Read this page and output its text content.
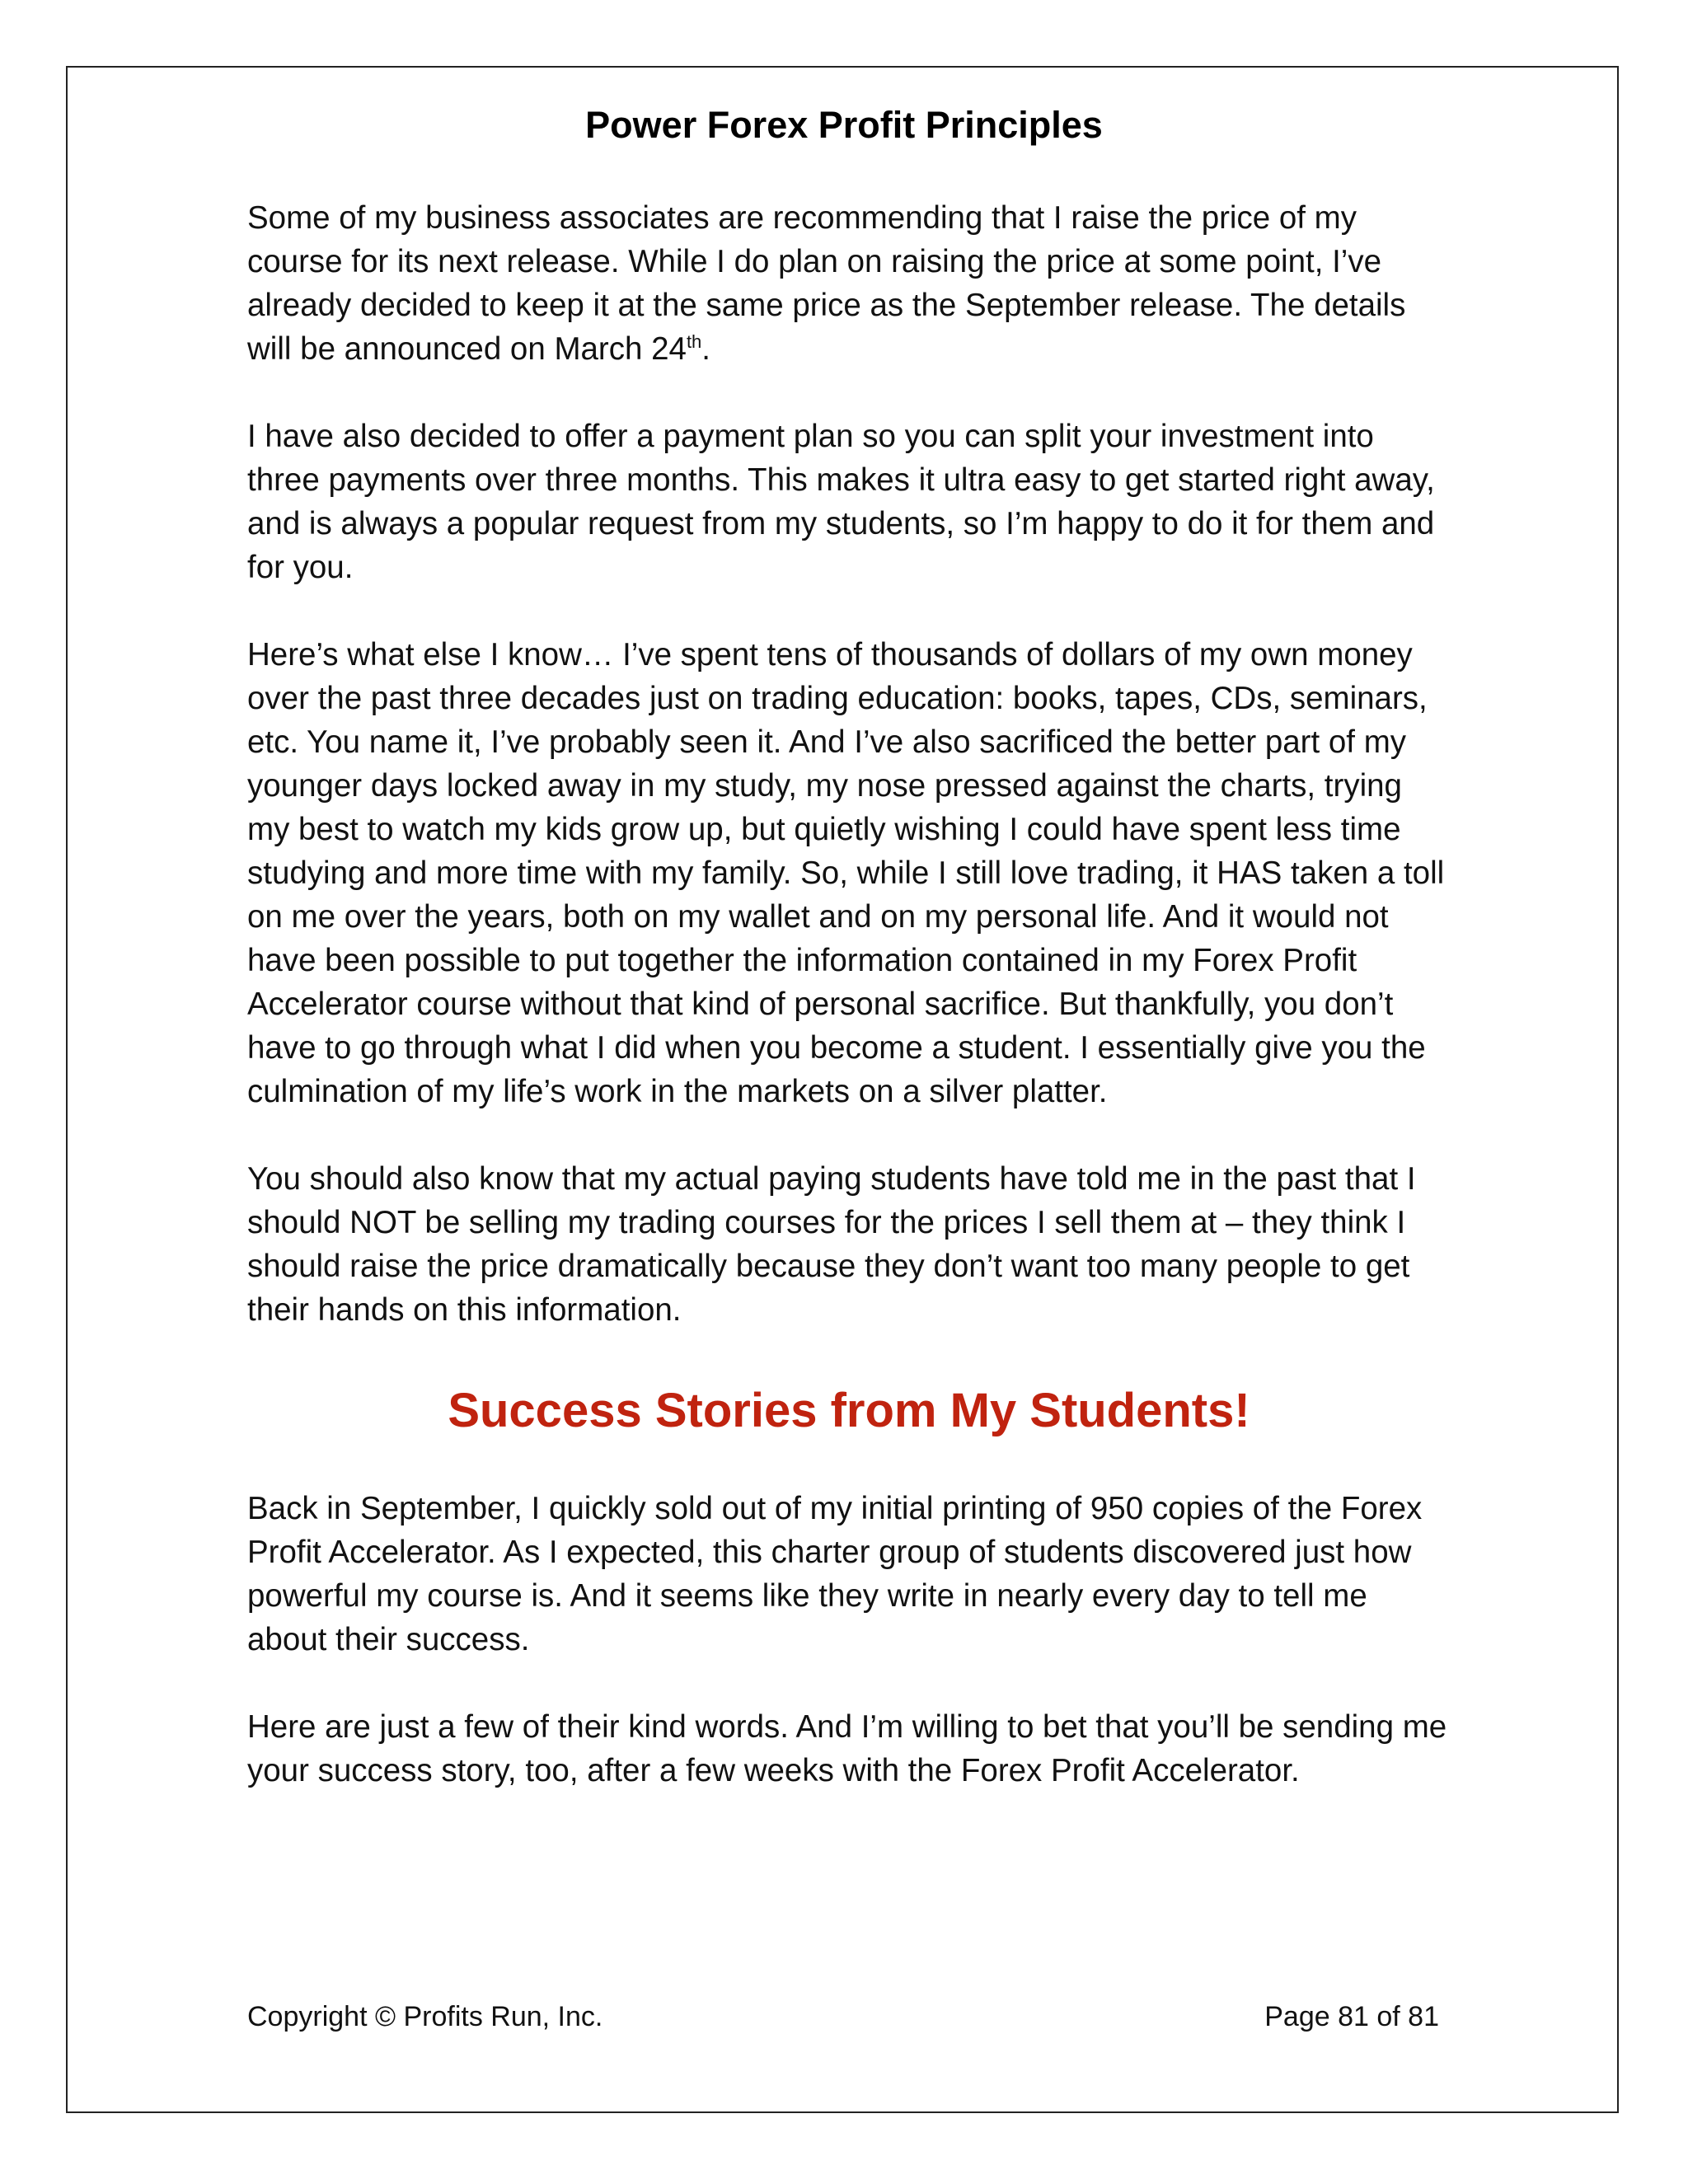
Power Forex Profit Principles

Some of my business associates are recommending that I raise the price of my course for its next release. While I do plan on raising the price at some point, I’ve already decided to keep it at the same price as the September release. The details will be announced on March 24th.

I have also decided to offer a payment plan so you can split your investment into three payments over three months. This makes it ultra easy to get started right away, and is always a popular request from my students, so I’m happy to do it for them and for you.

Here’s what else I know… I’ve spent tens of thousands of dollars of my own money over the past three decades just on trading education: books, tapes, CDs, seminars, etc. You name it, I’ve probably seen it. And I’ve also sacrificed the better part of my younger days locked away in my study, my nose pressed against the charts, trying my best to watch my kids grow up, but quietly wishing I could have spent less time studying and more time with my family. So, while I still love trading, it HAS taken a toll on me over the years, both on my wallet and on my personal life. And it would not have been possible to put together the information contained in my Forex Profit Accelerator course without that kind of personal sacrifice. But thankfully, you don’t have to go through what I did when you become a student. I essentially give you the culmination of my life’s work in the markets on a silver platter.

You should also know that my actual paying students have told me in the past that I should NOT be selling my trading courses for the prices I sell them at – they think I should raise the price dramatically because they don’t want too many people to get their hands on this information.

Success Stories from My Students!

Back in September, I quickly sold out of my initial printing of 950 copies of the Forex Profit Accelerator. As I expected, this charter group of students discovered just how powerful my course is. And it seems like they write in nearly every day to tell me about their success.

Here are just a few of their kind words. And I’m willing to bet that you’ll be sending me your success story, too, after a few weeks with the Forex Profit Accelerator.

Copyright © Profits Run, Inc.	Page 81 of 81
